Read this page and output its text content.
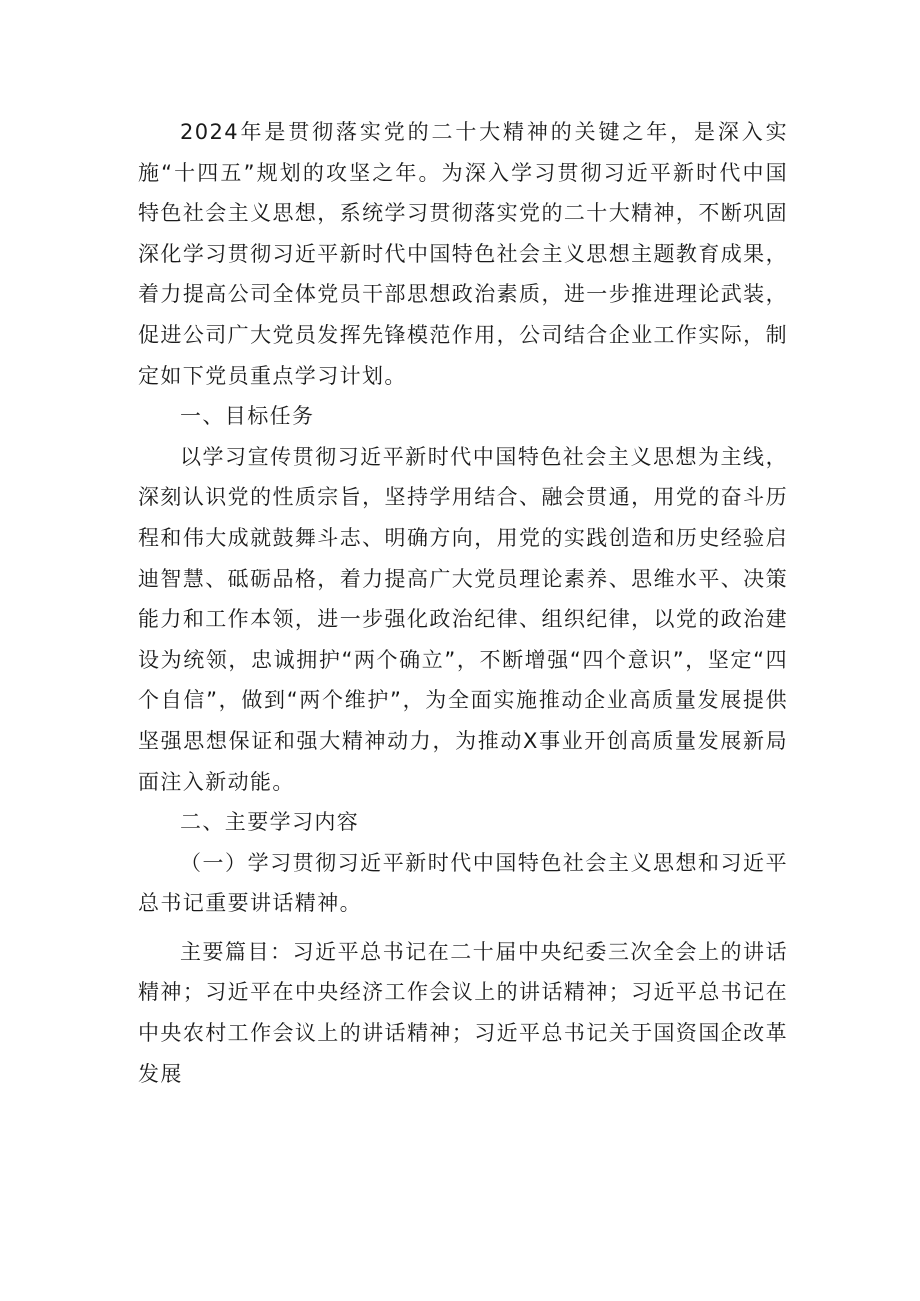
2024年是贯彻落实党的二十大精神的关键之年，是深入实施“十四五”规划的攻坚之年。为深入学习贯彻习近平新时代中国特色社会主义思想，系统学习贯彻落实党的二十大精神，不断巩固深化学习贯彻习近平新时代中国特色社会主义思想主题教育成果，着力提高公司全体党员干部思想政治素质，进一步推进理论武装，促进公司广大党员发挥先锋模范作用，公司结合企业工作实际，制定如下党员重点学习计划。

一、目标任务

以学习宣传贯彻习近平新时代中国特色社会主义思想为主线，深刻认识党的性质宗旨，坚持学用结合、融会贯通，用党的奋斗历程和伟大成就鼓舞斗志、明确方向，用党的实践创造和历史经验启迪智慧、砥砺品格，着力提高广大党员理论素养、思维水平、决策能力和工作本领，进一步强化政治纪律、组织纪律，以党的政治建设为统领，忠诚拥护“两个确立”，不断增强“四个意识”，坚定“四个自信”，做到“两个维护”，为全面实施推动企业高质量发展提供坚强思想保证和强大精神动力，为推动X事业开创高质量发展新局面注入新动能。

二、主要学习内容

（一）学习贯彻习近平新时代中国特色社会主义思想和习近平总书记重要讲话精神。

主要篇目：习近平总书记在二十届中央纪委三次全会上的讲话精神；习近平在中央经济工作会议上的讲话精神；习近平总书记在中央农村工作会议上的讲话精神；习近平总书记关于国资国企改革发展
